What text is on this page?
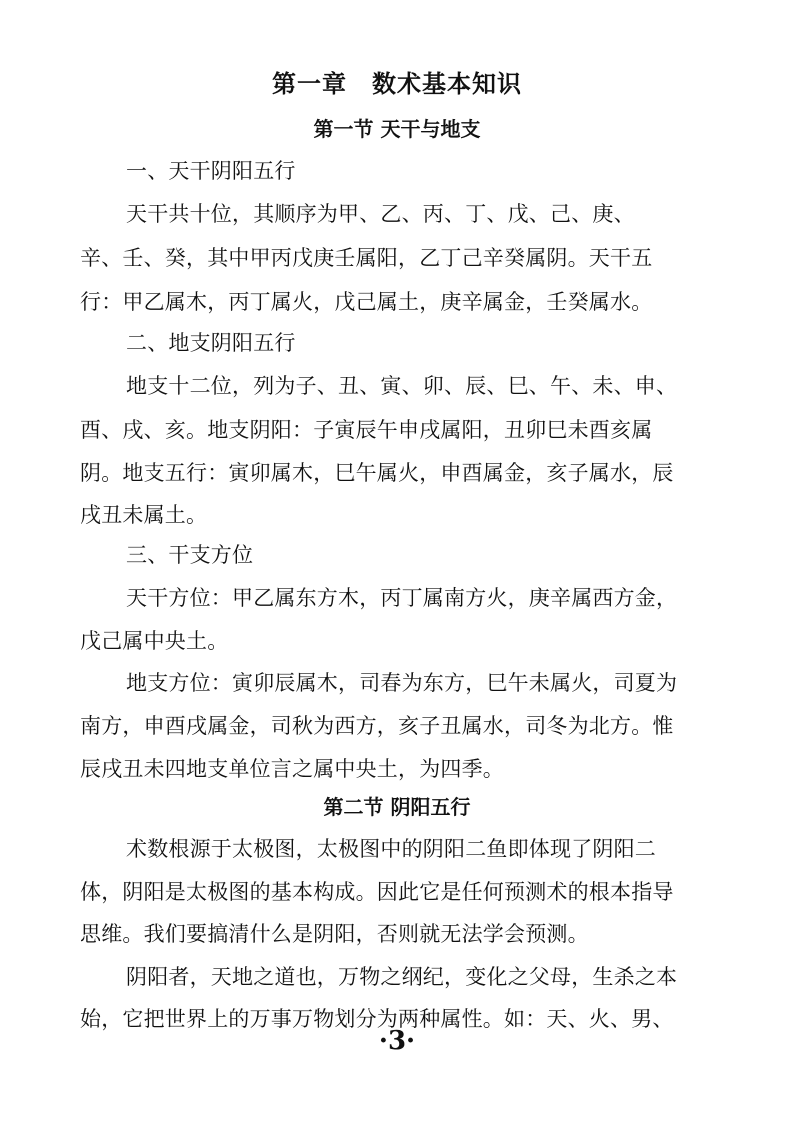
第一章　数术基本知识
第一节 天干与地支
一、天干阴阳五行
天干共十位，其顺序为甲、乙、丙、丁、戊、己、庚、
辛、壬、癸，其中甲丙戊庚壬属阳，乙丁己辛癸属阴。天干五
行：甲乙属木，丙丁属火，戊己属土，庚辛属金，壬癸属水。
二、地支阴阳五行
地支十二位，列为子、丑、寅、卯、辰、巳、午、未、申、
酉、戌、亥。地支阴阳：子寅辰午申戌属阳，丑卯巳未酉亥属
阴。地支五行：寅卯属木，巳午属火，申酉属金，亥子属水，辰
戌丑未属土。
三、干支方位
天干方位：甲乙属东方木，丙丁属南方火，庚辛属西方金，
戊己属中央土。
地支方位：寅卯辰属木，司春为东方，巳午未属火，司夏为
南方，申酉戌属金，司秋为西方，亥子丑属水，司冬为北方。惟
辰戌丑未四地支单位言之属中央土，为四季。
第二节 阴阳五行
术数根源于太极图，太极图中的阴阳二鱼即体现了阴阳二
体，阴阳是太极图的基本构成。因此它是任何预测术的根本指导
思维。我们要搞清什么是阴阳，否则就无法学会预测。
阴阳者，天地之道也，万物之纲纪，变化之父母，生杀之本
始，它把世界上的万事万物划分为两种属性。如：天、火、男、
·3·
